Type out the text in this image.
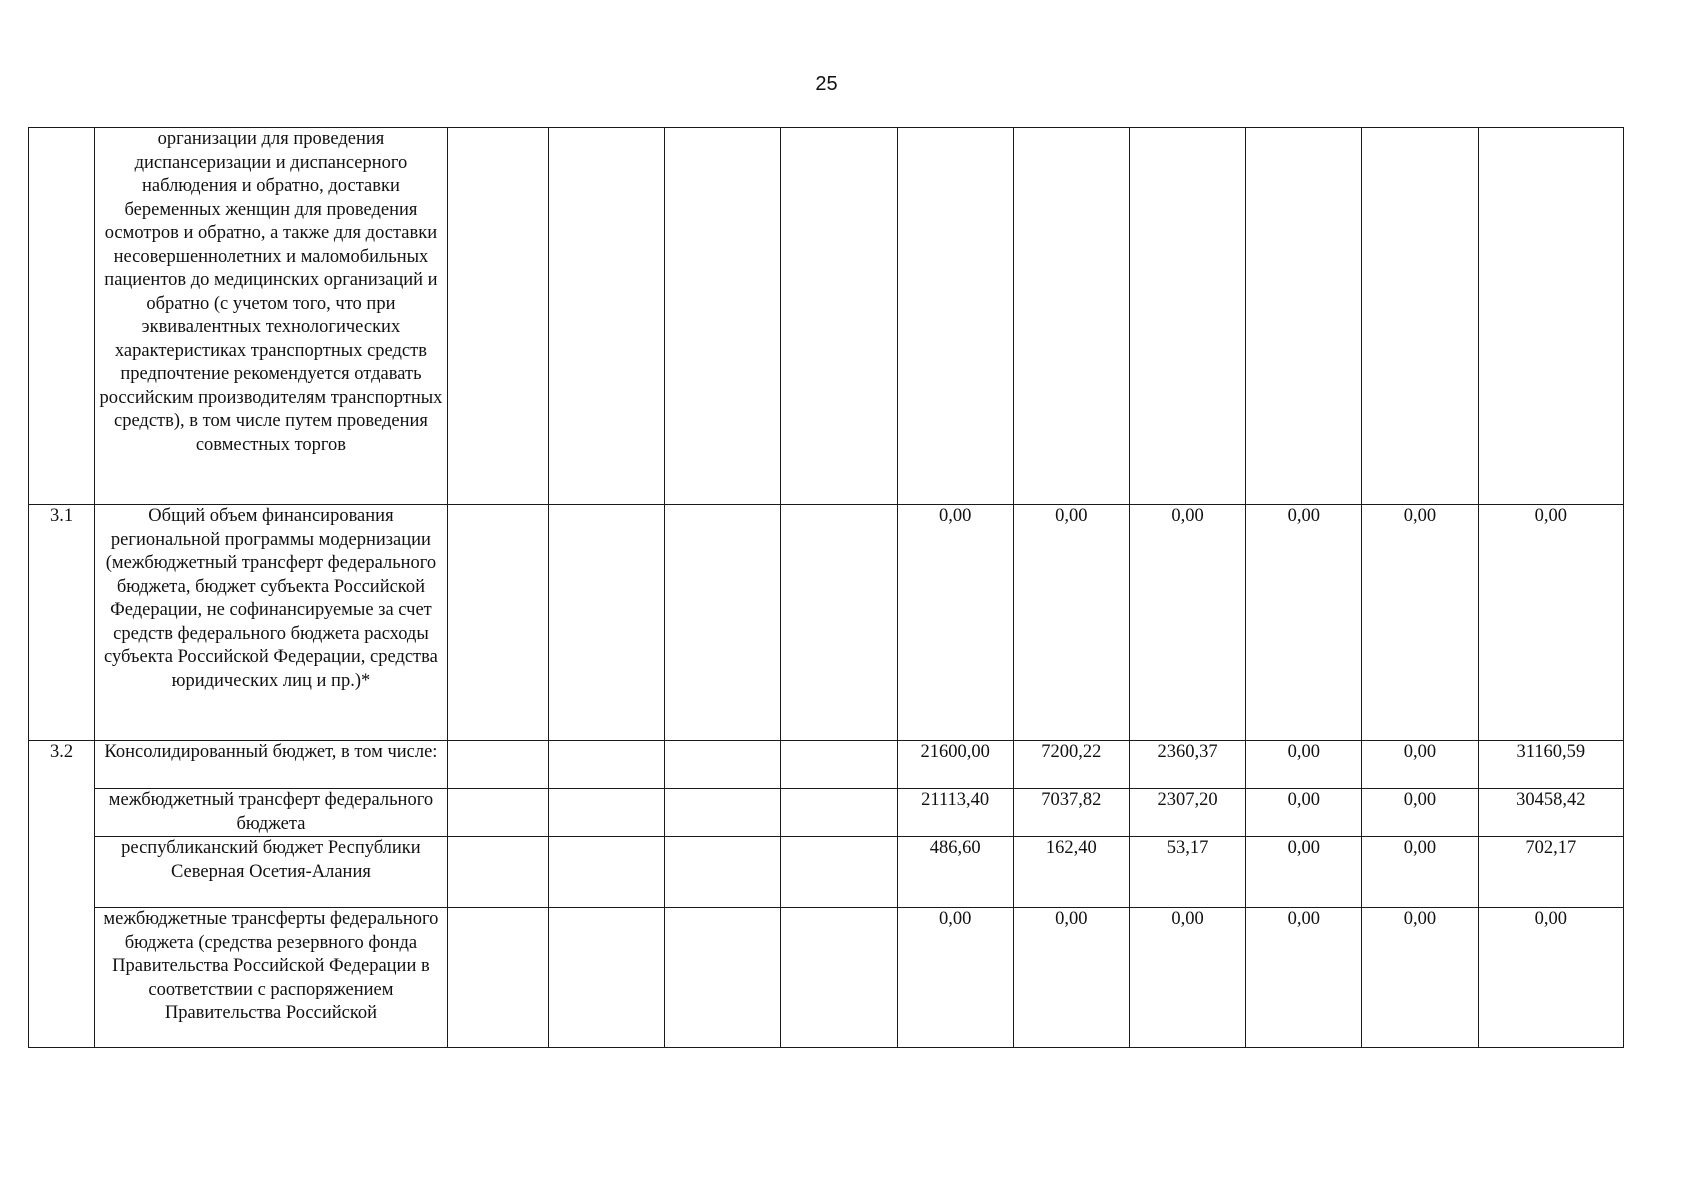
25
	организации для проведения диспансеризации и диспансерного наблюдения и обратно, доставки беременных женщин для проведения осмотров и обратно, а также для доставки несовершеннолетних и маломобильных пациентов до медицинских организаций и обратно (с учетом того, что при эквивалентных технологических характеристиках транспортных средств предпочтение рекомендуется отдавать российским производителям транспортных средств), в том числе путем проведения совместных торгов										
3.1	Общий объем финансирования региональной программы модернизации (межбюджетный трансферт федерального бюджета, бюджет субъекта Российской Федерации, не софинансируемые за счет средств федерального бюджета расходы субъекта Российской Федерации, средства юридических лиц и пр.)*					0,00	0,00	0,00	0,00	0,00	0,00
3.2	Консолидированный бюджет, в том числе:					21600,00	7200,22	2360,37	0,00	0,00	31160,59
	межбюджетный трансферт федерального бюджета					21113,40	7037,82	2307,20	0,00	0,00	30458,42
	республиканский бюджет Республики Северная Осетия-Алания					486,60	162,40	53,17	0,00	0,00	702,17
	межбюджетные трансферты федерального бюджета (средства резервного фонда Правительства Российской Федерации в соответствии с распоряжением Правительства Российской					0,00	0,00	0,00	0,00	0,00	0,00
